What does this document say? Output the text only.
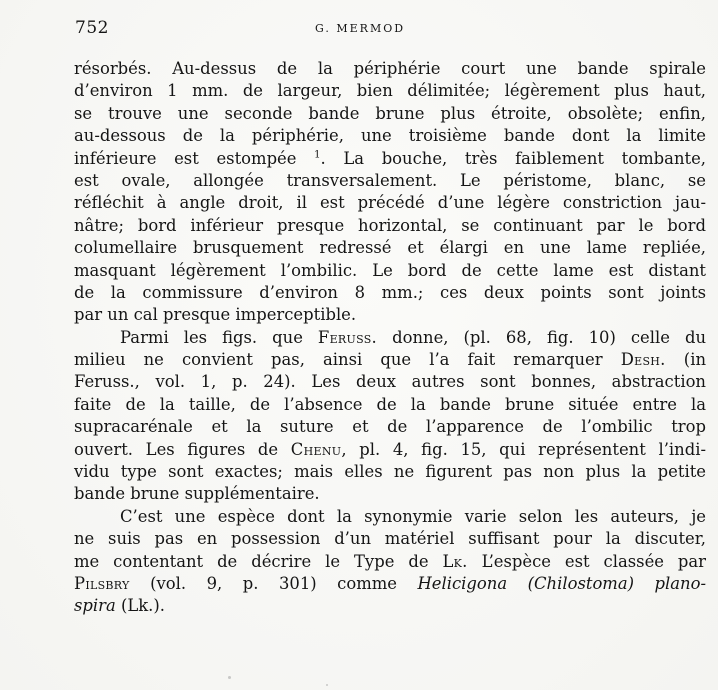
752	G. MERMOD
résorbés. Au-dessus de la périphérie court une bande spirale
d’environ 1 mm. de largeur, bien délimitée; légèrement plus haut,
se trouve une seconde bande brune plus étroite, obsolète; enfin,
au-dessous de la périphérie, une troisième bande dont la limite
inférieure est estompée $^1$. La bouche, très faiblement tombante,
est ovale, allongée transversalement. Le péristome, blanc, se
réfléchit à angle droit, il est précédé d’une légère constriction jau-
nâtre; bord inférieur presque horizontal, se continuant par le bord
columellaire brusquement redressé et élargi en une lame repliée,
masquant légèrement l’ombilic. Le bord de cette lame est distant
de la commissure d’environ 8 mm.; ces deux points sont joints
par un cal presque imperceptible.
Parmi les figs. que Feruss. donne, (pl. 68, fig. 10) celle du
milieu ne convient pas, ainsi que l’a fait remarquer Desh. (in
Feruss., vol. 1, p. 24). Les deux autres sont bonnes, abstraction
faite de la taille, de l’absence de la bande brune située entre la
supracarénale et la suture et de l’apparence de l’ombilic trop
ouvert. Les figures de Chenu, pl. 4, fig. 15, qui représentent l’indi-
vidu type sont exactes; mais elles ne figurent pas non plus la petite
bande brune supplémentaire.
C’est une espèce dont la synonymie varie selon les auteurs, je
ne suis pas en possession d’un matériel suffisant pour la discuter,
me contentant de décrire le Type de Lk. L’espèce est classée par
Pilsbry (vol. 9, p. 301) comme Helicigona (Chilostoma) plano-
spira (Lk.).
